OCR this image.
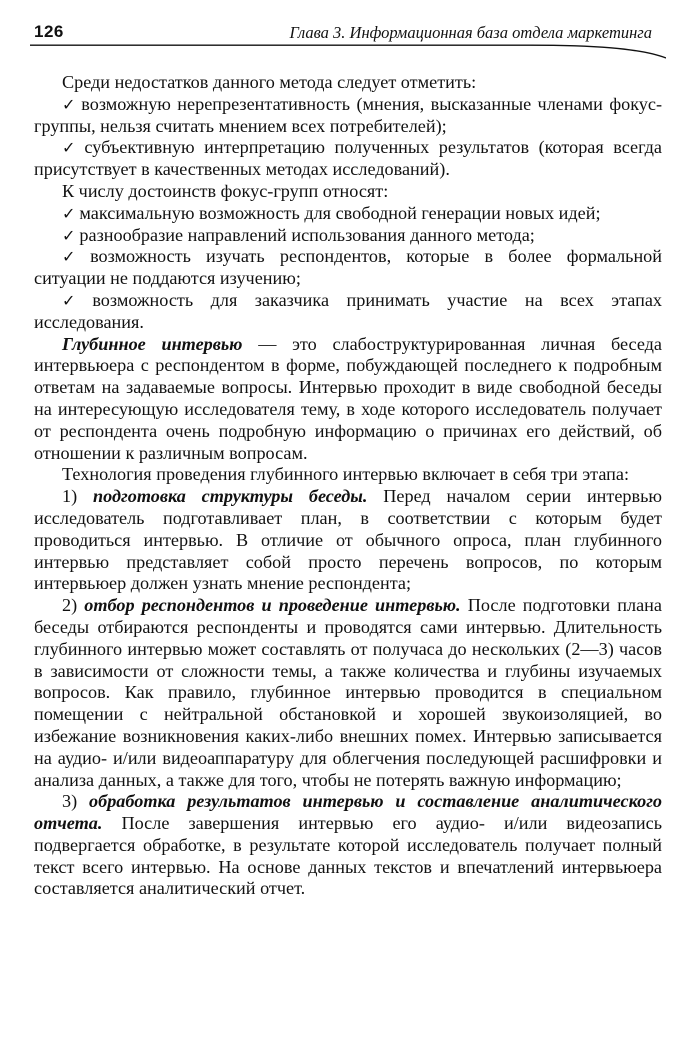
126	Глава 3. Информационная база отдела маркетинга

Среди недостатков данного метода следует отметить:

✓ возможную нерепрезентативность (мнения, высказанные членами фокус-группы, нельзя считать мнением всех потребителей);

✓ субъективную интерпретацию полученных результатов (которая всегда присутствует в качественных методах исследований).

К числу достоинств фокус-групп относят:

✓ максимальную возможность для свободной генерации новых идей;

✓ разнообразие направлений использования данного метода;

✓ возможность изучать респондентов, которые в более формальной ситуации не поддаются изучению;

✓ возможность для заказчика принимать участие на всех этапах исследования.

Глубинное интервью — это слабоструктурированная личная беседа интервьюера с респондентом в форме, побуждающей последнего к подробным ответам на задаваемые вопросы. Интервью проходит в виде свободной беседы на интересующую исследователя тему, в ходе которого исследователь получает от респондента очень подробную информацию о причинах его действий, об отношении к различным вопросам.

Технология проведения глубинного интервью включает в себя три этапа:

1) подготовка структуры беседы. Перед началом серии интервью исследователь подготавливает план, в соответствии с которым будет проводиться интервью. В отличие от обычного опроса, план глубинного интервью представляет собой просто перечень вопросов, по которым интервьюер должен узнать мнение респондента;

2) отбор респондентов и проведение интервью. После подготовки плана беседы отбираются респонденты и проводятся сами интервью. Длительность глубинного интервью может составлять от получаса до нескольких (2—3) часов в зависимости от сложности темы, а также количества и глубины изучаемых вопросов. Как правило, глубинное интервью проводится в специальном помещении с нейтральной обстановкой и хорошей звукоизоляцией, во избежание возникновения каких-либо внешних помех. Интервью записывается на аудио- и/или видеоаппаратуру для облегчения последующей расшифровки и анализа данных, а также для того, чтобы не потерять важную информацию;

3) обработка результатов интервью и составление аналитического отчета. После завершения интервью его аудио- и/или видеозапись подвергается обработке, в результате которой исследователь получает полный текст всего интервью. На основе данных текстов и впечатлений интервьюера составляется аналитический отчет.
